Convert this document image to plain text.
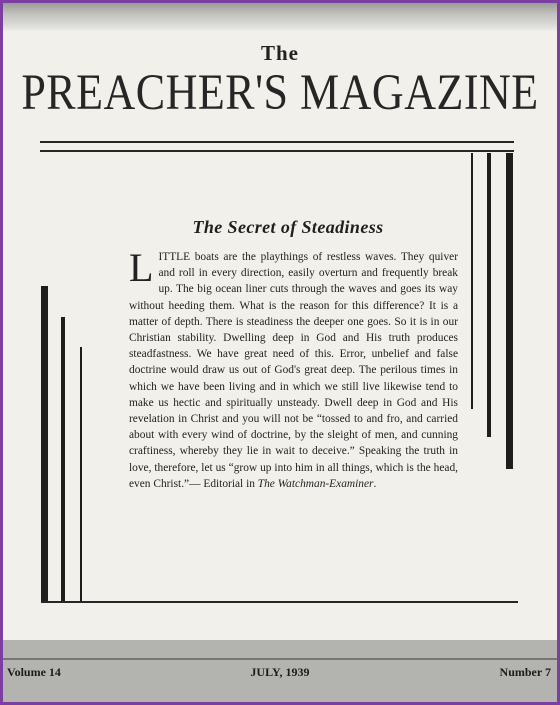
The
PREACHER'S MAGAZINE
The Secret of Steadiness
LITTLE boats are the playthings of restless waves. They quiver and roll in every direction, easily overturn and frequently break up. The big ocean liner cuts through the waves and goes its way without heeding them. What is the reason for this difference? It is a matter of depth. There is steadiness the deeper one goes. So it is in our Christian stability. Dwelling deep in God and His truth produces steadfastness. We have great need of this. Error, unbelief and false doctrine would draw us out of God's great deep. The perilous times in which we have been living and in which we still live likewise tend to make us hectic and spiritually unsteady. Dwell deep in God and His revelation in Christ and you will not be “tossed to and fro, and carried about with every wind of doctrine, by the sleight of men, and cunning craftiness, whereby they lie in wait to deceive.” Speaking the truth in love, therefore, let us “grow up into him in all things, which is the head, even Christ.”— Editorial in The Watchman-Examiner.
Volume 14	JULY, 1939	Number 7
